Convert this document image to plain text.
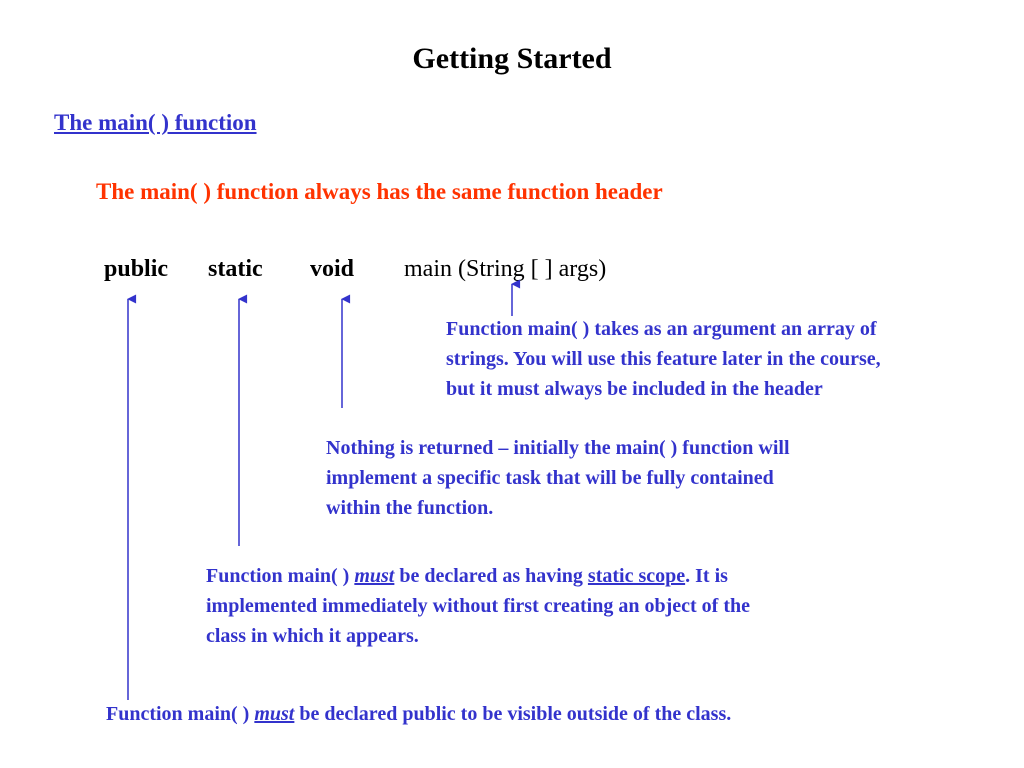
Getting Started
The main( ) function
The main( ) function always has the same function header
public static void main (String [ ] args)
Function main( ) takes as an argument an array of
strings. You will use this feature later in the course,
but it must always be included in the header
Nothing is returned – initially the main( ) function will
implement a specific task that will be fully contained
within the function.
Function main( ) must be declared as having static scope. It is
implemented immediately without first creating an object of the
class in which it appears.
Function main( ) must be declared public to be visible outside of the class.
